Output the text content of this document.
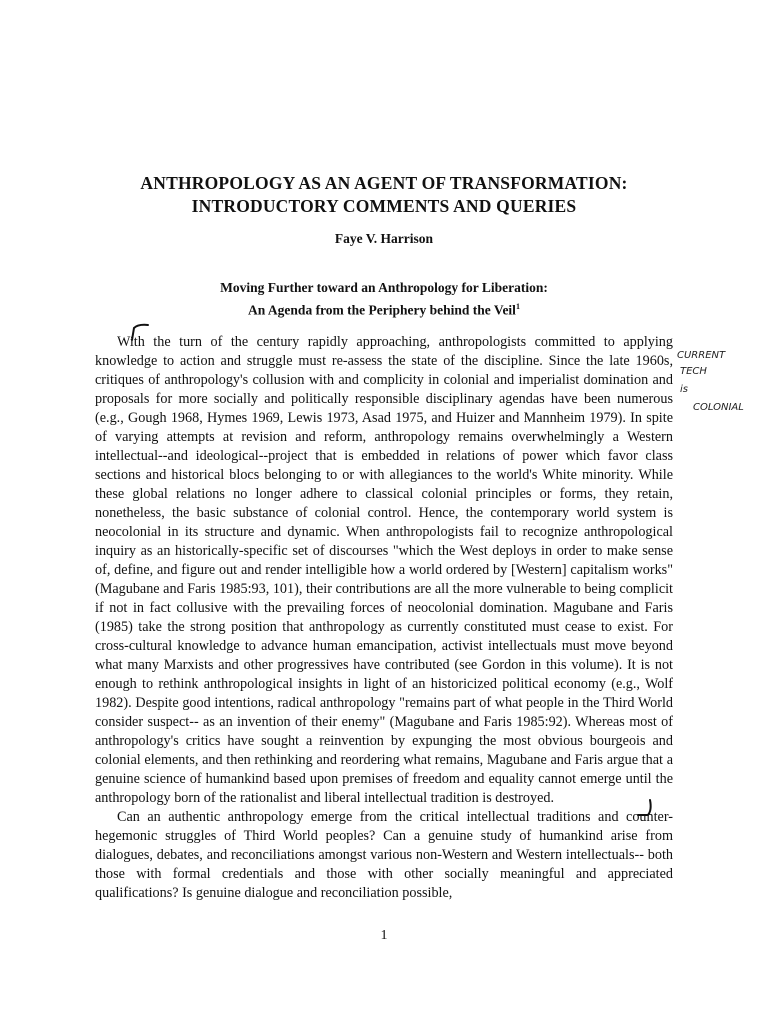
ANTHROPOLOGY AS AN AGENT OF TRANSFORMATION:
INTRODUCTORY COMMENTS AND QUERIES
Faye V. Harrison
Moving Further toward an Anthropology for Liberation:
An Agenda from the Periphery behind the Veil$^1$

With the turn of the century rapidly approaching, anthropologists committed to applying knowledge to action and struggle must re-assess the state of the discipline. Since the late 1960s, critiques of anthropology's collusion with and complicity in colonial and imperialist domination and proposals for more socially and politically responsible disciplinary agendas have been numerous (e.g., Gough 1968, Hymes 1969, Lewis 1973, Asad 1975, and Huizer and Mannheim 1979). In spite of varying attempts at revision and reform, anthropology remains overwhelmingly a Western intellectual--and ideological--project that is embedded in relations of power which favor class sections and historical blocs belonging to or with allegiances to the world's White minority. While these global relations no longer adhere to classical colonial principles or forms, they retain, nonetheless, the basic substance of colonial control. Hence, the contemporary world system is neocolonial in its structure and dynamic. When anthropologists fail to recognize anthropological inquiry as an historically-specific set of discourses "which the West deploys in order to make sense of, define, and figure out and render intelligible how a world ordered by [Western] capitalism works" (Magubane and Faris 1985:93, 101), their contributions are all the more vulnerable to being complicit if not in fact collusive with the prevailing forces of neocolonial domination. Magubane and Faris (1985) take the strong position that anthropology as currently constituted must cease to exist. For cross-cultural knowledge to advance human emancipation, activist intellectuals must move beyond what many Marxists and other progressives have contributed (see Gordon in this volume). It is not enough to rethink anthropological insights in light of an historicized political economy (e.g., Wolf 1982). Despite good intentions, radical anthropology "remains part of what people in the Third World consider suspect-- as an invention of their enemy" (Magubane and Faris 1985:92). Whereas most of anthropology's critics have sought a reinvention by expunging the most obvious bourgeois and colonial elements, and then rethinking and reordering what remains, Magubane and Faris argue that a genuine science of humankind based upon premises of freedom and equality cannot emerge until the anthropology born of the rationalist and liberal intellectual tradition is destroyed.

Can an authentic anthropology emerge from the critical intellectual traditions and counter-hegemonic struggles of Third World peoples? Can a genuine study of humankind arise from dialogues, debates, and reconciliations amongst various non-Western and Western intellectuals-- both those with formal credentials and those with other socially meaningful and appreciated qualifications? Is genuine dialogue and reconciliation possible,

CURRENT
TECH
is
COLONIAL
1
